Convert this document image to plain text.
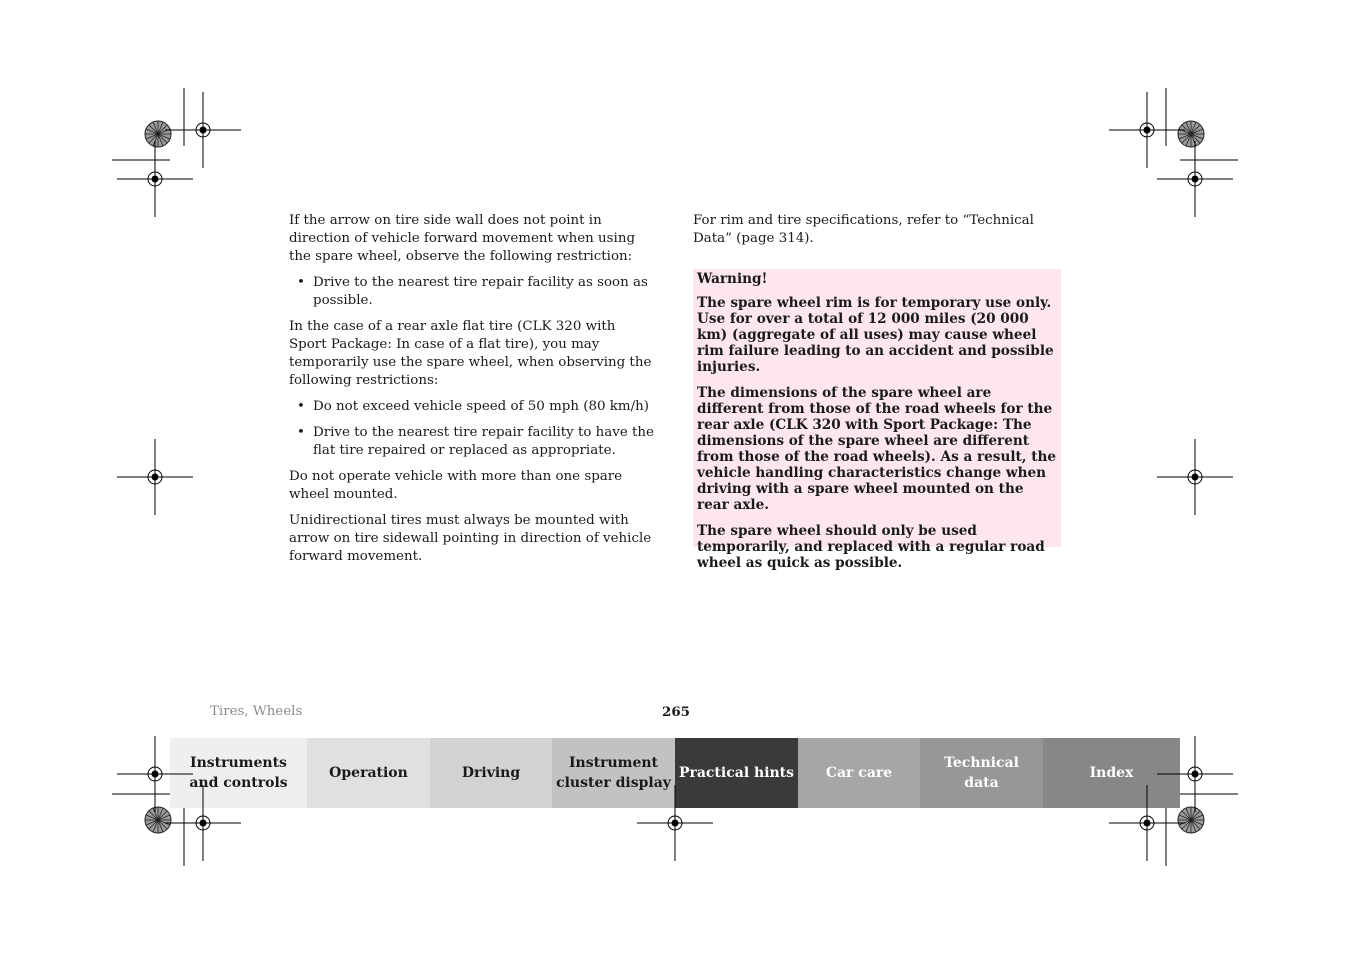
If the arrow on tire side wall does not point in direction of vehicle forward movement when using the spare wheel, observe the following restriction:

• Drive to the nearest tire repair facility as soon as possible.

In the case of a rear axle flat tire (CLK 320 with Sport Package: In case of a flat tire), you may temporarily use the spare wheel, when observing the following restrictions:

• Do not exceed vehicle speed of 50 mph (80 km/h)
• Drive to the nearest tire repair facility to have the flat tire repaired or replaced as appropriate.

Do not operate vehicle with more than one spare wheel mounted.

Unidirectional tires must always be mounted with arrow on tire sidewall pointing in direction of vehicle forward movement.

For rim and tire specifications, refer to “Technical Data” (page 314).

Warning!

The spare wheel rim is for temporary use only. Use for over a total of 12 000 miles (20 000 km) (aggregate of all uses) may cause wheel rim failure leading to an accident and possible injuries.

The dimensions of the spare wheel are different from those of the road wheels for the rear axle (CLK 320 with Sport Package: The dimensions of the spare wheel are different from those of the road wheels). As a result, the vehicle handling characteristics change when driving with a spare wheel mounted on the rear axle.

The spare wheel should only be used temporarily, and replaced with a regular road wheel as quick as possible.

Tires, Wheels	265
Instruments
and controls
Operation	Driving
Instrument
cluster display
Practical hints	Car care
Technical
data
Index
